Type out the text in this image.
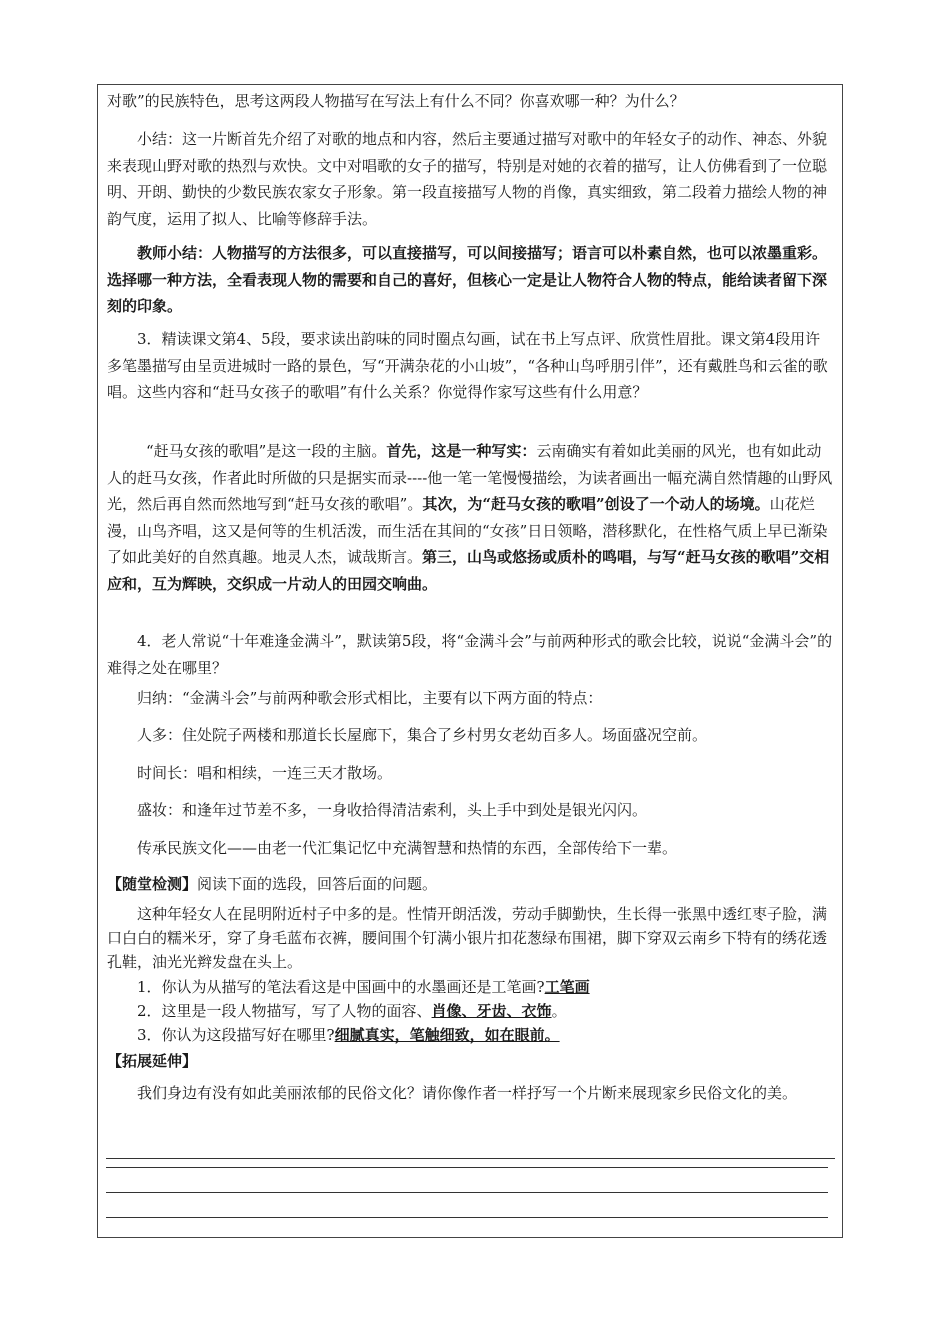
对歌”的民族特色，思考这两段人物描写在写法上有什么不同？你喜欢哪一种？为什么？

小结：这一片断首先介绍了对歌的地点和内容，然后主要通过描写对歌中的年轻女子的动作、神态、外貌来表现山野对歌的热烈与欢快。文中对唱歌的女子的描写，特别是对她的衣着的描写，让人仿佛看到了一位聪明、开朗、勤快的少数民族农家女子形象。第一段直接描写人物的肖像，真实细致，第二段着力描绘人物的神韵气度，运用了拟人、比喻等修辞手法。

教师小结：人物描写的方法很多，可以直接描写，可以间接描写；语言可以朴素自然，也可以浓墨重彩。选择哪一种方法，全看表现人物的需要和自己的喜好，但核心一定是让人物符合人物的特点，能给读者留下深刻的印象。

3．精读课文第4、5段，要求读出韵味的同时圈点勾画，试在书上写点评、欣赏性眉批。课文第4段用许多笔墨描写由呈贡进城时一路的景色，写“开满杂花的小山坡”，“各种山鸟呼朋引伴”，还有戴胜鸟和云雀的歌唱。这些内容和“赶马女孩子的歌唱”有什么关系？你觉得作家写这些有什么用意？

“赶马女孩的歌唱”是这一段的主脑。首先，这是一种写实：云南确实有着如此美丽的风光，也有如此动人的赶马女孩，作者此时所做的只是据实而录----他一笔一笔慢慢描绘，为读者画出一幅充满自然情趣的山野风光，然后再自然而然地写到“赶马女孩的歌唱”。其次，为“赶马女孩的歌唱”创设了一个动人的场境。山花烂漫，山鸟齐唱，这又是何等的生机活泼，而生活在其间的“女孩”日日领略，潜移默化，在性格气质上早已渐染了如此美好的自然真趣。地灵人杰，诚哉斯言。第三，山鸟或悠扬或质朴的鸣唱，与写“赶马女孩的歌唱”交相应和，互为辉映，交织成一片动人的田园交响曲。

4．老人常说“十年难逢金满斗”，默读第5段，将“金满斗会”与前两种形式的歌会比较，说说“金满斗会”的难得之处在哪里？

归纳：“金满斗会”与前两种歌会形式相比，主要有以下两方面的特点：

人多：住处院子两楼和那道长长屋廊下，集合了乡村男女老幼百多人。场面盛况空前。

时间长：唱和相续，一连三天才散场。

盛妆：和逢年过节差不多，一身收拾得清洁索利，头上手中到处是银光闪闪。

传承民族文化——由老一代汇集记忆中充满智慧和热情的东西，全部传给下一辈。

【随堂检测】阅读下面的选段，回答后面的问题。

这种年轻女人在昆明附近村子中多的是。性情开朗活泼，劳动手脚勤快，生长得一张黑中透红枣子脸，满口白白的糯米牙，穿了身毛蓝布衣裤，腰间围个钉满小银片扣花葱绿布围裙，脚下穿双云南乡下特有的绣花透孔鞋，油光光辫发盘在头上。

1．你认为从描写的笔法看这是中国画中的水墨画还是工笔画?工笔画

2．这里是一段人物描写，写了人物的面容、肖像、牙齿、衣饰。

3．你认为这段描写好在哪里?细腻真实，笔触细致，如在眼前。

【拓展延伸】

我们身边有没有如此美丽浓郁的民俗文化？请你像作者一样抒写一个片断来展现家乡民俗文化的美。
